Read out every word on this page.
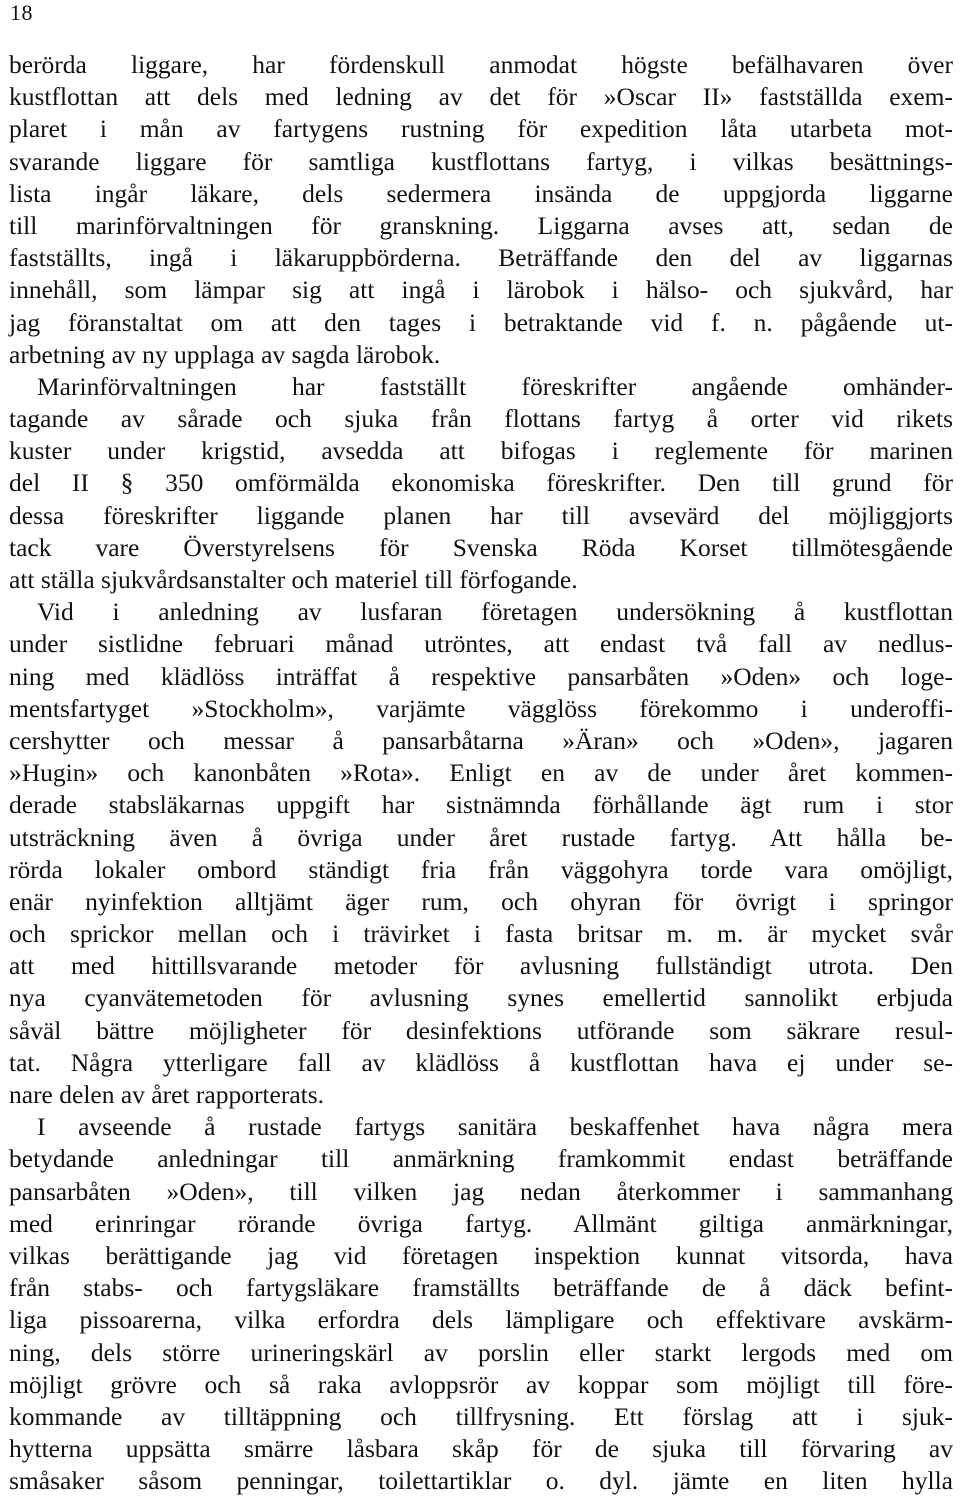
18
berörda liggare, har fördenskull anmodat högste befälhavaren över
kustflottan att dels med ledning av det för »Oscar II» fastställda exem-
plaret i mån av fartygens rustning för expedition låta utarbeta mot-
svarande liggare för samtliga kustflottans fartyg, i vilkas besättnings-
lista ingår läkare, dels sedermera insända de uppgjorda liggarne
till marinförvaltningen för granskning. Liggarna avses att, sedan de
fastställts, ingå i läkaruppbörderna. Beträffande den del av liggarnas
innehåll, som lämpar sig att ingå i lärobok i hälso- och sjukvård, har
jag föranstaltat om att den tages i betraktande vid f. n. pågående ut-
arbetning av ny upplaga av sagda lärobok.
Marinförvaltningen har fastställt föreskrifter angående omhänder-
tagande av sårade och sjuka från flottans fartyg å orter vid rikets
kuster under krigstid, avsedda att bifogas i reglemente för marinen
del II § 350 omförmälda ekonomiska föreskrifter. Den till grund för
dessa föreskrifter liggande planen har till avsevärd del möjliggjorts
tack vare Överstyrelsens för Svenska Röda Korset tillmötesgående
att ställa sjukvårdsanstalter och materiel till förfogande.
Vid i anledning av lusfaran företagen undersökning å kustflottan
under sistlidne februari månad utröntes, att endast två fall av nedlus-
ning med klädlöss inträffat å respektive pansarbåten »Oden» och loge-
mentsfartyget »Stockholm», varjämte vägglöss förekommo i underoffi-
cershytter och messar å pansarbåtarna »Äran» och »Oden», jagaren
»Hugin» och kanonbåten »Rota». Enligt en av de under året kommen-
derade stabsläkarnas uppgift har sistnämnda förhållande ägt rum i stor
utsträckning även å övriga under året rustade fartyg. Att hålla be-
rörda lokaler ombord ständigt fria från väggohyra torde vara omöjligt,
enär nyinfektion alltjämt äger rum, och ohyran för övrigt i springor
och sprickor mellan och i trävirket i fasta britsar m. m. är mycket svår
att med hittillsvarande metoder för avlusning fullständigt utrota. Den
nya cyanvätemetoden för avlusning synes emellertid sannolikt erbjuda
såväl bättre möjligheter för desinfektions utförande som säkrare resul-
tat. Några ytterligare fall av klädlöss å kustflottan hava ej under se-
nare delen av året rapporterats.
I avseende å rustade fartygs sanitära beskaffenhet hava några mera
betydande anledningar till anmärkning framkommit endast beträffande
pansarbåten »Oden», till vilken jag nedan återkommer i sammanhang
med erinringar rörande övriga fartyg. Allmänt giltiga anmärkningar,
vilkas berättigande jag vid företagen inspektion kunnat vitsorda, hava
från stabs- och fartygsläkare framställts beträffande de å däck befint-
liga pissoarerna, vilka erfordra dels lämpligare och effektivare avskärm-
ning, dels större urineringskärl av porslin eller starkt lergods med om
möjligt grövre och så raka avloppsrör av koppar som möjligt till före-
kommande av tilltäppning och tillfrysning. Ett förslag att i sjuk-
hytterna uppsätta smärre låsbara skåp för de sjuka till förvaring av
småsaker såsom penningar, toilettartiklar o. dyl. jämte en liten hylla
